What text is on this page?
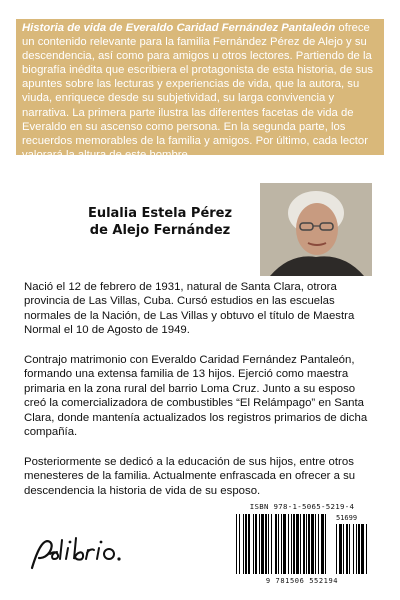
Historia de vida de Everaldo Caridad Fernández Pantaleón ofrece un contenido relevante para la familia Fernández Pérez de Alejo y su descendencia, así como para amigos u otros lectores. Partiendo de la biografía inédita que escribiera el protagonista de esta historia, de sus apuntes sobre las lecturas y experiencias de vida, que la autora, su viuda, enriquece desde su subjetividad, su larga convivencia y narrativa. La primera parte ilustra las diferentes facetas de vida de Everaldo en su ascenso como persona. En la segunda parte, los recuerdos memorables de la familia y amigos. Por último, cada lector valorará la altura de este hombre.
Eulalia Estela Pérez
de Alejo Fernández
Nació el 12 de febrero de 1931, natural de Santa Clara, otrora provincia de Las Villas, Cuba. Cursó estudios en las escuelas normales de la Nación, de Las Villas y obtuvo el título de Maestra Normal el 10 de Agosto de 1949.
Contrajo matrimonio con Everaldo Caridad Fernández Pantaleón, formando una extensa familia de 13 hijos. Ejerció como maestra primaria en la zona rural del barrio Loma Cruz. Junto a su esposo creó la comercializadora de combustibles “El Relámpago” en Santa Clara, donde mantenía actualizados los registros primarios de dicha compañía.
Posteriormente se dedicó a la educación de sus hijos, entre otros menesteres de la familia. Actualmente enfrascada en ofrecer a su descendencia la historia de vida de su esposo.
ISBN 978-1-5065-5219-4
51699
9 781506 552194
